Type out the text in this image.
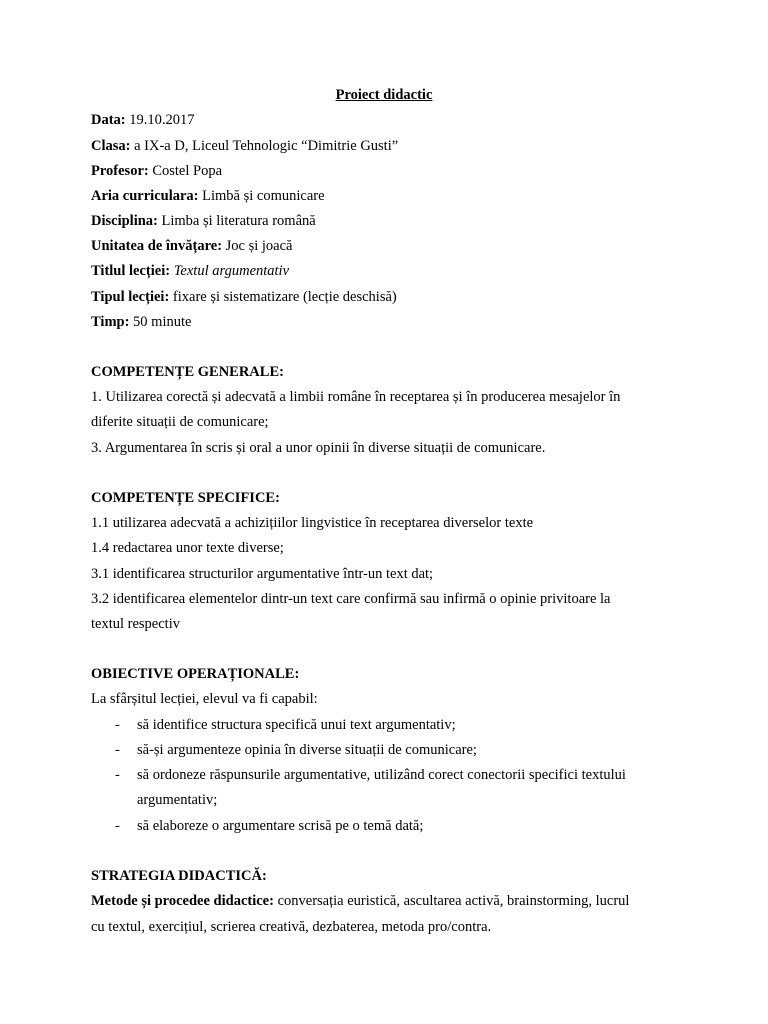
Proiect didactic
Data: 19.10.2017
Clasa: a IX-a D, Liceul Tehnologic “Dimitrie Gusti”
Profesor: Costel Popa
Aria curriculara: Limbă și comunicare
Disciplina: Limba și literatura română
Unitatea de învățare: Joc și joacă
Titlul lecției: Textul argumentativ
Tipul lecției: fixare și sistematizare (lecție deschisă)
Timp: 50 minute
COMPETENȚE GENERALE:
1. Utilizarea corectă și adecvată a limbii române în receptarea și în producerea mesajelor în
diferite situații de comunicare;
3. Argumentarea în scris și oral a unor opinii în diverse situații de comunicare.
COMPETENȚE SPECIFICE:
1.1 utilizarea adecvată a achizițiilor lingvistice în receptarea diverselor texte
1.4 redactarea unor texte diverse;
3.1 identificarea structurilor argumentative într-un text dat;
3.2 identificarea elementelor dintr-un text care confirmă sau infirmă o opinie privitoare la
textul respectiv
OBIECTIVE OPERAȚIONALE:
La sfârșitul lecției, elevul va fi capabil:
- să identifice structura specifică unui text argumentativ;
- să-și argumenteze opinia în diverse situații de comunicare;
- să ordoneze răspunsurile argumentative, utilizând corect conectorii specifici textului
argumentativ;
- să elaboreze o argumentare scrisă pe o temă dată;
STRATEGIA DIDACTICĂ:
Metode și procedee didactice: conversația euristică, ascultarea activă, brainstorming, lucrul
cu textul, exercițiul, scrierea creativă, dezbaterea, metoda pro/contra.
